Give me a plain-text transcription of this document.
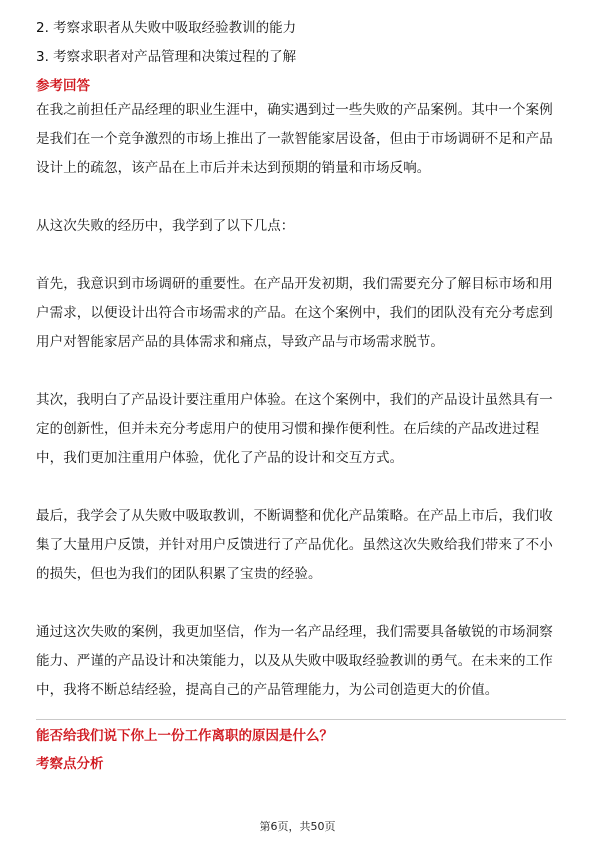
2. 考察求职者从失败中吸取经验教训的能力

3. 考察求职者对产品管理和决策过程的了解

参考回答

在我之前担任产品经理的职业生涯中，确实遇到过一些失败的产品案例。其中一个案例是我们在一个竞争激烈的市场上推出了一款智能家居设备，但由于市场调研不足和产品设计上的疏忽，该产品在上市后并未达到预期的销量和市场反响。

从这次失败的经历中，我学到了以下几点：

首先，我意识到市场调研的重要性。在产品开发初期，我们需要充分了解目标市场和用户需求，以便设计出符合市场需求的产品。在这个案例中，我们的团队没有充分考虑到用户对智能家居产品的具体需求和痛点，导致产品与市场需求脱节。

其次，我明白了产品设计要注重用户体验。在这个案例中，我们的产品设计虽然具有一定的创新性，但并未充分考虑用户的使用习惯和操作便利性。在后续的产品改进过程中，我们更加注重用户体验，优化了产品的设计和交互方式。

最后，我学会了从失败中吸取教训，不断调整和优化产品策略。在产品上市后，我们收集了大量用户反馈，并针对用户反馈进行了产品优化。虽然这次失败给我们带来了不小的损失，但也为我们的团队积累了宝贵的经验。

通过这次失败的案例，我更加坚信，作为一名产品经理，我们需要具备敏锐的市场洞察能力、严谨的产品设计和决策能力，以及从失败中吸取经验教训的勇气。在未来的工作中，我将不断总结经验，提高自己的产品管理能力，为公司创造更大的价值。

能否给我们说下你上一份工作离职的原因是什么？

考察点分析

第6页，共50页
